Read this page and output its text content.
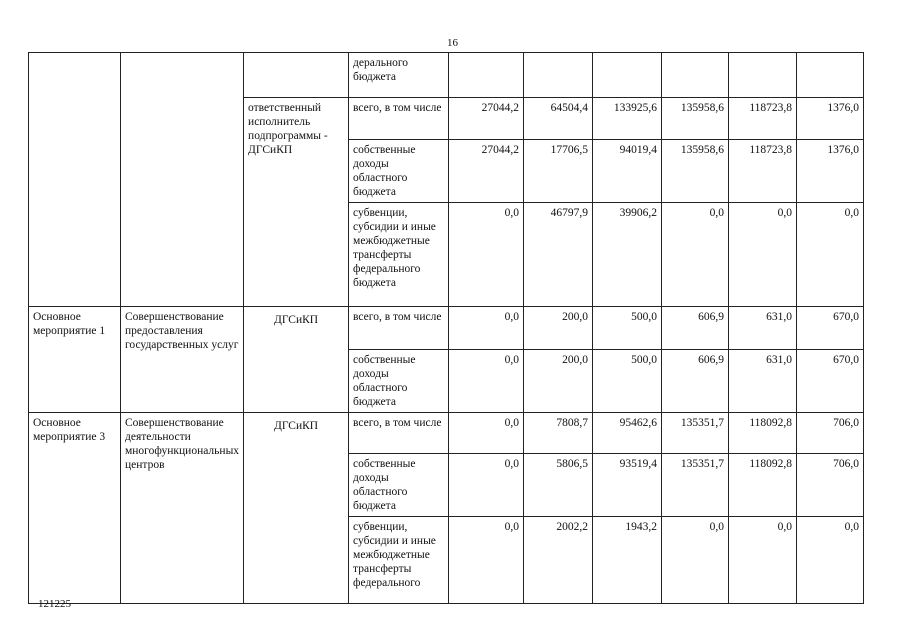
16
			дерального бюджета						
		ответственный исполнитель подпрограммы - ДГСиКП	всего, в том числе	27044,2	64504,4	133925,6	135958,6	118723,8	1376,0
			собственные доходы областного бюджета	27044,2	17706,5	94019,4	135958,6	118723,8	1376,0
			субвенции, субсидии и иные межбюджетные трансферты федерального бюджета	0,0	46797,9	39906,2	0,0	0,0	0,0
Основное мероприятие 1	Совершенствование предоставления государственных услуг	ДГСиКП	всего, в том числе	0,0	200,0	500,0	606,9	631,0	670,0
			собственные доходы областного бюджета	0,0	200,0	500,0	606,9	631,0	670,0
Основное мероприятие 3	Совершенствование деятельности многофункциональных центров	ДГСиКП	всего, в том числе	0,0	7808,7	95462,6	135351,7	118092,8	706,0
			собственные доходы областного бюджета	0,0	5806,5	93519,4	135351,7	118092,8	706,0
			субвенции, субсидии и иные межбюджетные трансферты федерального	0,0	2002,2	1943,2	0,0	0,0	0,0
121225
